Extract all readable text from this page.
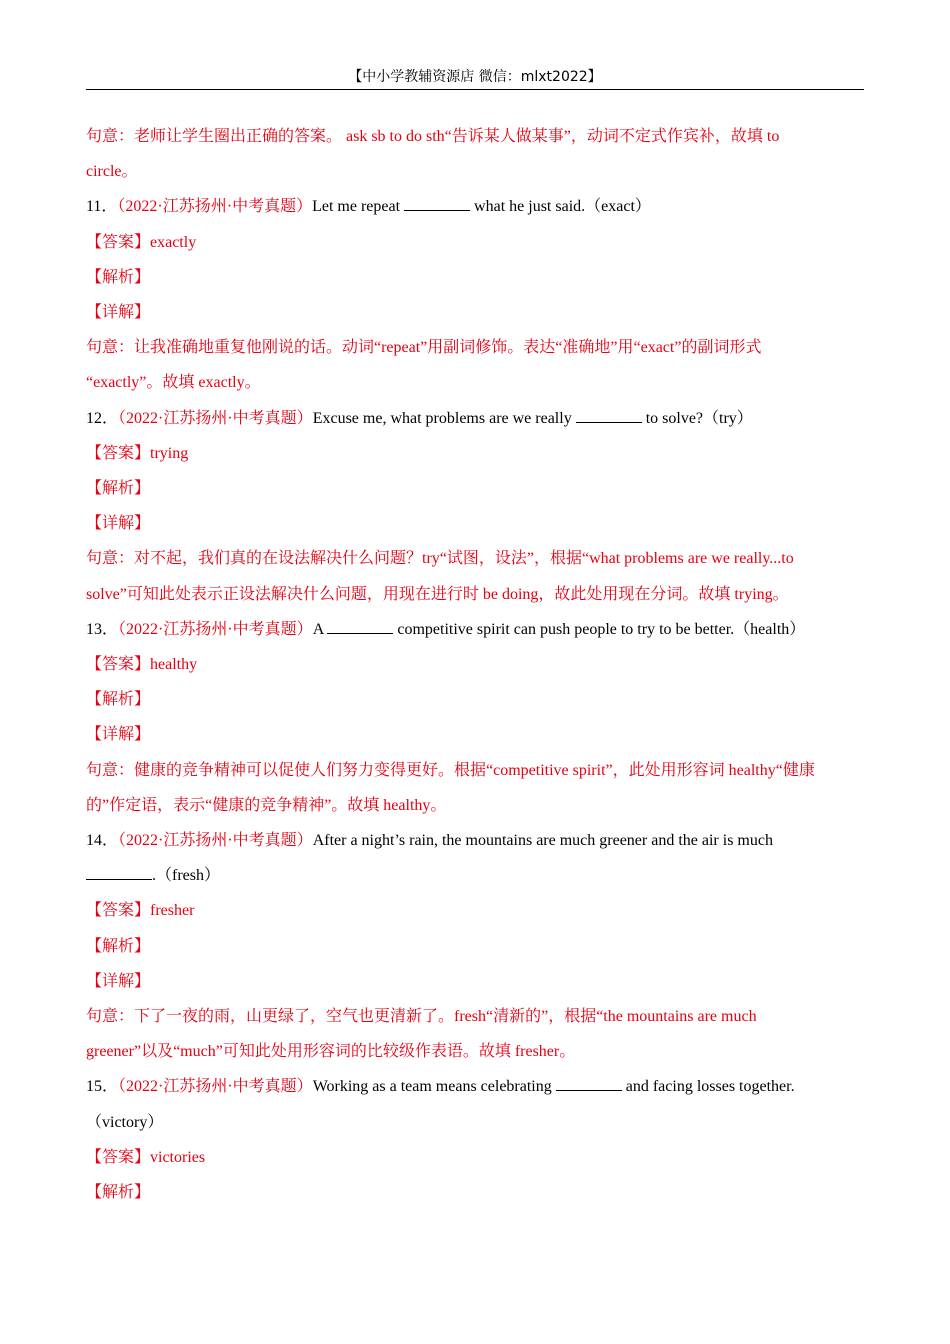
【中小学教辅资源店 微信：mlxt2022】
句意：老师让学生圈出正确的答案。 ask sb to do sth“告诉某人做某事”，动词不定式作宾补，故填 to
circle。
11．（2022·江苏扬州·中考真题）Let me repeat	what he just said.（exact）
【答案】exactly
【解析】
【详解】
句意：让我准确地重复他刚说的话。动词“repeat”用副词修饰。表达“准确地”用“exact”的副词形式
“exactly”。故填 exactly。
12．（2022·江苏扬州·中考真题）Excuse me, what problems are we really	to solve?（try）
【答案】trying
【解析】
【详解】
句意：对不起，我们真的在设法解决什么问题？try“试图，设法”，根据“what problems are we really...to
solve”可知此处表示正设法解决什么问题，用现在进行时 be doing，故此处用现在分词。故填 trying。
13．（2022·江苏扬州·中考真题）A	competitive spirit can push people to try to be better.（health）
【答案】healthy
【解析】
【详解】
句意：健康的竞争精神可以促使人们努力变得更好。根据“competitive spirit”，此处用形容词 healthy“健康
的”作定语，表示“健康的竞争精神”。故填 healthy。
14．（2022·江苏扬州·中考真题）After a night’s rain, the mountains are much greener and the air is much
.（fresh）
【答案】fresher
【解析】
【详解】
句意：下了一夜的雨，山更绿了，空气也更清新了。fresh“清新的”，根据“the mountains are much
greener”以及“much”可知此处用形容词的比较级作表语。故填 fresher。
15．（2022·江苏扬州·中考真题）Working as a team means celebrating	and facing losses together.
（victory）
【答案】victories
【解析】
